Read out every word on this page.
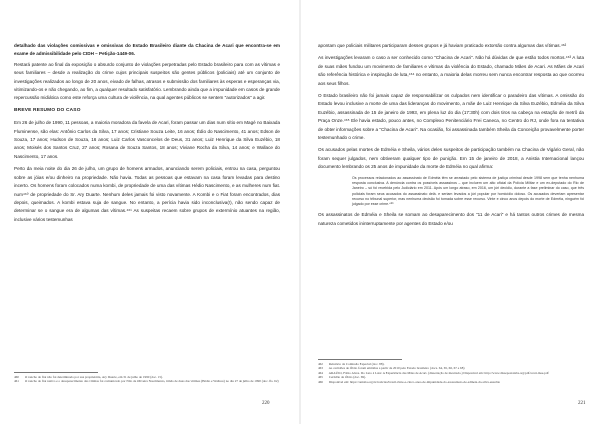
detalhado das violações comissivas e omissivas do Estado Brasileiro diante da Chacina de Acari que encontra-se em exame de admissibilidade pelo CIDH – Petição-1449-06.

Restará patente ao final da exposição o absurdo conjunto de violações perpetradas pelo Estado brasileiro para com as vítimas e seus familiares – desde a realização do crime cujos principais suspeitos são gentes públicos (policiais) até um conjunto de investigações realizados ao longo de 20 anos, eivado de falhas, atrasos e submissão dos familiares às esperas e esperanças via, vitimizando-os e não chegando, ao fim, a qualquer resultado satisfatório. Lembrando ainda que a impunidade em casos de grande repercussão midiática como este reforça uma cultura de violência, na qual agentes públicos se sentem "autorizados" a agir.

BREVE RESUMO DO CASO

Em 26 de julho de 1990, 11 pessoas, a maioria moradora da favela de Acari, foram passar um dias num sítio em Magé no Baixada Fluminense, são elas: Antônio Carlos da Silva, 17 anos; Cristiane Souza Leite, 16 anos; Édio do Nascimento, 41 anos; Edson de Souza, 17 anos; Hudson de Souza, 16 anos; Luiz Carlos Vasconcelos de Deus, 31 anos; Luiz Henrique da Silva Euzébio, 18 anos; Moisés dos Santos Cruz, 27 anos; Rosana de Souza Santos, 18 anos; Viviane Rocha da Silva, 14 anos; e Wallace do Nascimento, 17 anos.

Perto da meia noite do dia 26 de julho, um grupo de homens armados, anunciando serem policiais, entrou na casa, perguntou sobre as jóias e/ou dinheiro na propriedade. Não havia. Todas as pessoas que estavam na casa foram levadas para destino incerto. Os homens foram colocados numa kombi, de propriedade de uma das vítimas Hédio Nascimento, e as mulheres num fiat. num⁴⁶⁰ de propriedade do Sr. Ary Duarte. Nenhum deles jamais foi visto novamente. A Kombi e o Fiat foram encontrados, dias depois, queimados. A kombi estava suja de sangue. No entanto, a perícia havia sido inconclusiva(!), não sendo capaz de determinar se o sangue era de algumas das vítimas.⁴⁶¹ As suspeitas recaem sobre grupos de extermínio atuantes na região, inclusive vários testemunhas

460 O rancho do fiat não foi determinado por sua proprietária, Ary Duarte, em 31 de julho de 1990 (doc. 15).
461 O rancho do fiat nativo e o desaparecimento das vítimas foi comunicado por Nilo de Oliveira Nascimento, irmão de duas das vítimas (Hédio e Wallace) no dia 27 de julho de 1990 (doc. fls. 62)
220

apontam que policiais militares participaram desses grupos e já haviam praticado extorsão contra algumas das vítimas.⁴⁶²

As investigações levaram o caso a ser conhecido como "Chacina de Acari". Não há dúvidas de que estão todos mortos.⁴⁶³ A luta de suas mães fundou um movimento de familiares e vítimas da violência do Estado, chamado Mães de Acari. As Mães de Acari são referência histórica e inspiração de luta,⁴⁶⁴ no entanto, a maioria delas morreu sem nunca encontrar resposta ao que ocorreu aos seus filhos.

O Estado brasileiro não foi jamais capaz de responsabilizar os culpados nem identificar o paradeiro das vítimas. A omissão do Estado levou inclusive a morte de uma das lideranças do movimento, a mãe de Luiz Henrique da Silva Euzébio, Edméia da Silva Euzébio, assassinada de 15 de janeiro de 1993, em plena luz do dia (17:30h) com dois tiros na cabeça na estação de metrô da Praça Onze.⁴⁶⁵ Ele havia estado, pouco antes, no Complexo Penitenciário Frei Caneca, no Centro do RJ, onde fora na tentativa de obter informações sobre a "Chacina de Acari". Na ocasião, foi assassinada também Sheila da Conceição provavelmente porter testemunhado o crime.

Os acusados pelas mortes de Edméia e Sheila, vários deles suspeitos de participação também na Chacina de Vigário Geral, não foram sequer julgados, nem obtiveram qualquer tipo de punição. Em 15 de janeiro de 2018, a Anistia Internacional lançou documento lembrando os 25 anos de impunidade da morte de Edméia no qual afirma:

Os processos relacionados ao assassinato de Edméia têm se arrastado pelo sistema de justiça criminal desde 1998 sem que tenha nenhuma resposta conclusiva. A denúncia contra os possíveis assassinos – que incluem um alto oficial da Polícia Militar e um ex-deputado do Rio de Janeiro – só foi recebida pelo Judiciário em 2011. Após um longo atraso, em 2016, um júri decidiu, durante a fase preliminar do caso, que três policiais foram seus acusados do assassinato delá. e seriam levados a júri popular por homicídio doloso. Os acusados deveriam apresentar recurso no tribunal superior, mas nenhuma decisão foi tomada sobre esse recurso. Vinte e cinco anos depois do morte de Edméia, ninguém foi julgado por esse crime.⁴⁶⁶

Os assassinatos de Edméia e Sheila se somam ao desaparecimento dos "11 de Acari" e há tantos outros crimes de mesma natureza cometidos ininterruptamente por agentes do Estado e/ou

462 Relatório da Comissão Especial (doc. 88).
463 As certidões de Óbito foram emitidas a partir de 2010 pelo Estado brasileiro (docs. 64, 65, 66, 67 e 68)
464 ARAÚJO, Fábio Alves. Do Luto à Luta: A Experiência das Mães de Acari. (dissertação de mestrado.) Disponível em: http://www.dissepostalabs.org/pdf/acari-mae.pdf
465 Certidão de Óbito (doc. 69).
466 Disponível em: https://anistia.org.br/noticias/brasil-vinte-e-cinco-anos-de-impunidade-do-assassinato-de-edmeia-da-silva-euzebio
221
